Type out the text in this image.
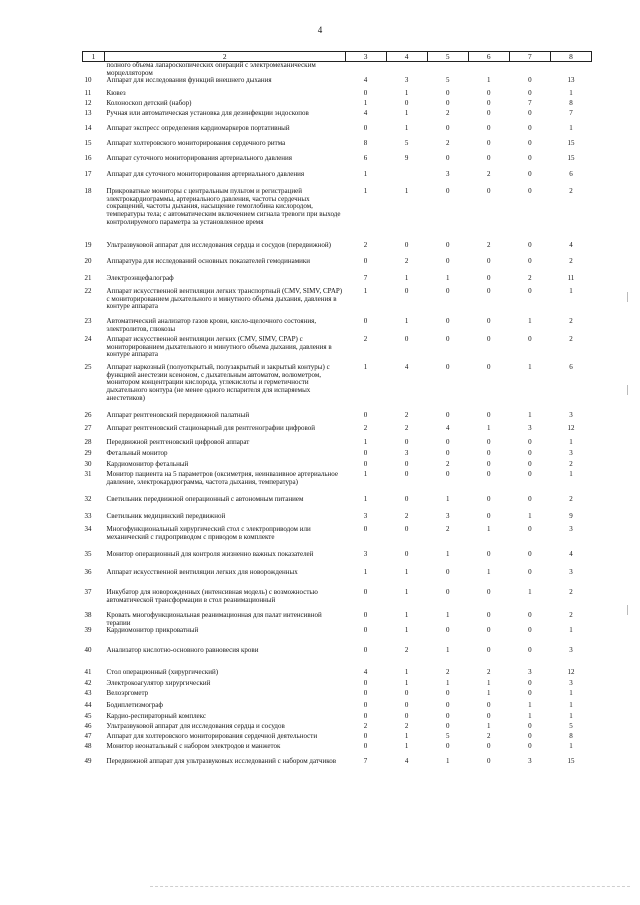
4
1	2	3	4	5	6	7	8
	полного объема лапароскопических операций с электромеханическим морцеллятором						
10	Аппарат для исследования функций внешнего дыхания	4	3	5	1	0	13
11	Кювез	0	1	0	0	0	1
12	Колоноскоп детский (набор)	1	0	0	0	7	8
13	Ручная или автоматическая установка для дезинфекции эндоскопов	4	1	2	0	0	7
14	Аппарат экспресс определения кардиомаркеров портативный	0	1	0	0	0	1
15	Аппарат холтеровского мониторирования сердечного ритма	8	5	2	0	0	15
16	Аппарат суточного мониторирования артериального давления	6	9	0	0	0	15
17	Аппарат для суточного мониторирования артериального давления	1		3	2	0	6
18	Прикроватные мониторы с центральным пультом и регистрацией электрокардиограммы, артериального давления, частоты сердечных сокращений, частоты дыхания, насыщение гемоглобина кислородом, температуры тела; с автоматическим включением сигнала тревоги при выходе контролируемого параметра за установленное время	1	1	0	0	0	2
19	Ультразвуковой аппарат для исследования сердца и сосудов (передвижной)	2	0	0	2	0	4
20	Аппаратура для исследований основных показателей гемодинамики	0	2	0	0	0	2
21	Электроэнцефалограф	7	1	1	0	2	11
22	Аппарат искусственной вентиляции легких транспортный (CMV, SIMV, CPAP) с мониторированием дыхательного и минутного объема дыхания, давления в контуре аппарата	1	0	0	0	0	1
23	Автоматический анализатор газов крови, кисло-щелочного состояния, электролитов, глюкозы	0	1	0	0	1	2
24	Аппарат искусственной вентиляции легких (CMV, SIMV, CPAP) с мониторированием дыхательного и минутного объема дыхания, давления в контуре аппарата	2	0	0	0	0	2
25	Аппарат наркозный (полуоткрытый, полузакрытый и закрытый контуры) с функцией анестезии ксеноном, с дыхательным автоматом, волюметром, монитором концентрации кислорода, углекислоты и герметичности дыхательного контура (не менее одного испарителя для испаряемых анестетиков)	1	4	0	0	1	6
26	Аппарат рентгеновский передвижной палатный	0	2	0	0	1	3
27	Аппарат рентгеновский стационарный для рентгенографии цифровой	2	2	4	1	3	12
28	Передвижной рентгеновский цифровой аппарат	1	0	0	0	0	1
29	Фетальный монитор	0	3	0	0	0	3
30	Кардиомонитор фетальный	0	0	2	0	0	2
31	Монитор пациента на 5 параметров (оксиметрия, неинвазивное артериальное давление, электрокардиограмма, частота дыхания, температура)	1	0	0	0	0	1
32	Светильник передвижной операционный с автономным питанием	1	0	1	0	0	2
33	Светильник медицинский передвижной	3	2	3	0	1	9
34	Многофункциональный хирургический стол с электроприводом или механический с гидроприводом с приводом в комплекте	0	0	2	1	0	3
35	Монитор операционный для контроля жизненно важных показателей	3	0	1	0	0	4
36	Аппарат искусственной вентиляции легких для новорожденных	1	1	0	1	0	3
37	Инкубатор для новорожденных (интенсивная модель) с возможностью автоматической трансформации в стол реанимационный	0	1	0	0	1	2
38	Кровать многофункциональная реанимационная для палат интенсивной терапии	0	1	1	0	0	2
39	Кардиомонитор прикроватный	0	1	0	0	0	1
40	Анализатор кислотно-основного равновесия крови	0	2	1	0	0	3
41	Стол операционный (хирургический)	4	1	2	2	3	12
42	Электрокоагулятор хирургический	0	1	1	1	0	3
43	Велоэргометр	0	0	0	1	0	1
44	Бодиплетизмограф	0	0	0	0	1	1
45	Кардио-респираторный комплекс	0	0	0	0	1	1
46	Ультразвуковой аппарат для исследования сердца и сосудов	2	2	0	1	0	5
47	Аппарат для холтеровского мониторирования сердечной деятельности	0	1	5	2	0	8
48	Монитор неонатальный с набором электродов и манжеток	0	1	0	0	0	1
49	Передвижной аппарат для ультразвуковых исследований с набором датчиков	7	4	1	0	3	15
